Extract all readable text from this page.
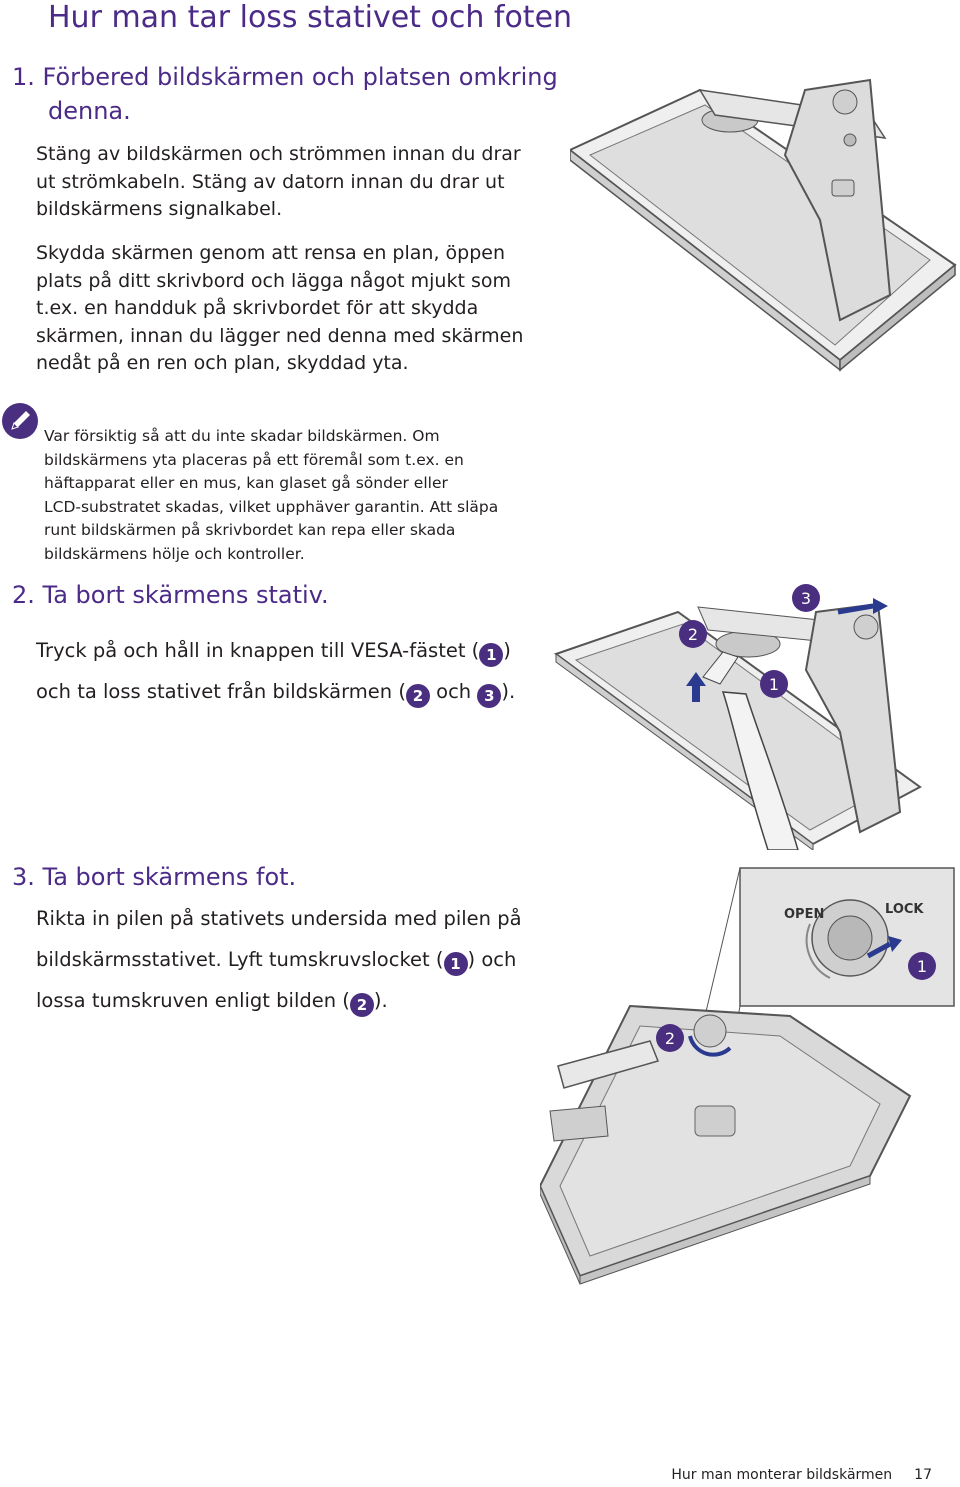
Hur man tar loss stativet och foten
1. Förbered bildskärmen och platsen omkring
denna.
Stäng av bildskärmen och strömmen innan du drar
ut strömkabeln. Stäng av datorn innan du drar ut
bildskärmens signalkabel.
Skydda skärmen genom att rensa en plan, öppen
plats på ditt skrivbord och lägga något mjukt som
t.ex. en handduk på skrivbordet för att skydda
skärmen, innan du lägger ned denna med skärmen
nedåt på en ren och plan, skyddad yta.
Var försiktig så att du inte skadar bildskärmen. Om
bildskärmens yta placeras på ett föremål som t.ex. en
häftapparat eller en mus, kan glaset gå sönder eller
LCD-substratet skadas, vilket upphäver garantin. Att släpa
runt bildskärmen på skrivbordet kan repa eller skada
bildskärmens hölje och kontroller.
2. Ta bort skärmens stativ.
Tryck på och håll in knappen till VESA-fästet ( 1 )
och ta loss stativet från bildskärmen ( 2 och 3 ).
2
3
1
3. Ta bort skärmens fot.
Rikta in pilen på stativets undersida med pilen på
bildskärmsstativet. Lyft tumskruvslocket ( 1 ) och
lossa tumskruven enligt bilden ( 2 ).
OPEN	LOCK
1
2
Hur man monterar bildskärmen 17
